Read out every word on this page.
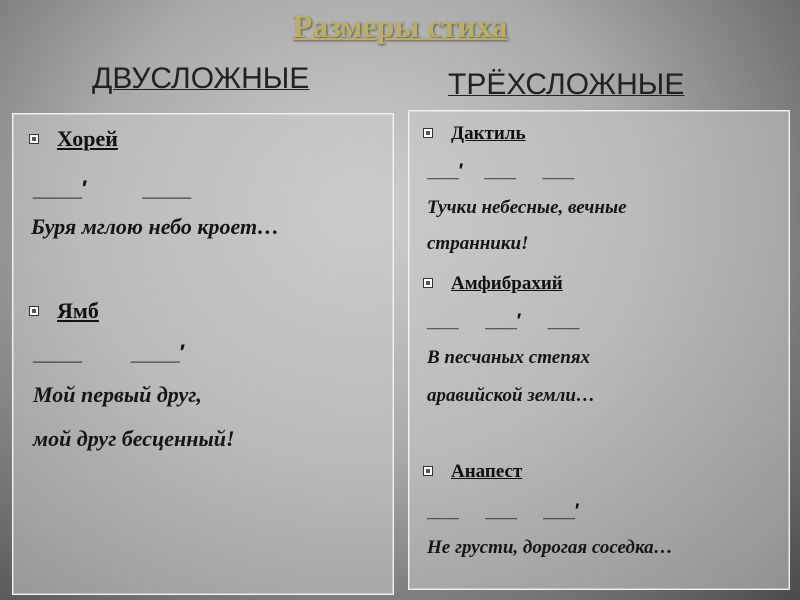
Размеры стиха
ДВУСЛОЖНЫЕ	ТРЁХСЛОЖНЫЕ
Хорей
____′         ____
Буря мглою небо кроет…
Ямб
____        ____′
Мой первый друг,
мой друг бесценный!
Дактиль
___′    ___     ___
Тучки небесные, вечные
странники!
Амфибрахий
___     ___′     ___
В песчаных степях
аравийской земли…
Анапест
___     ___     ___′
Не грусти, дорогая соседка…
